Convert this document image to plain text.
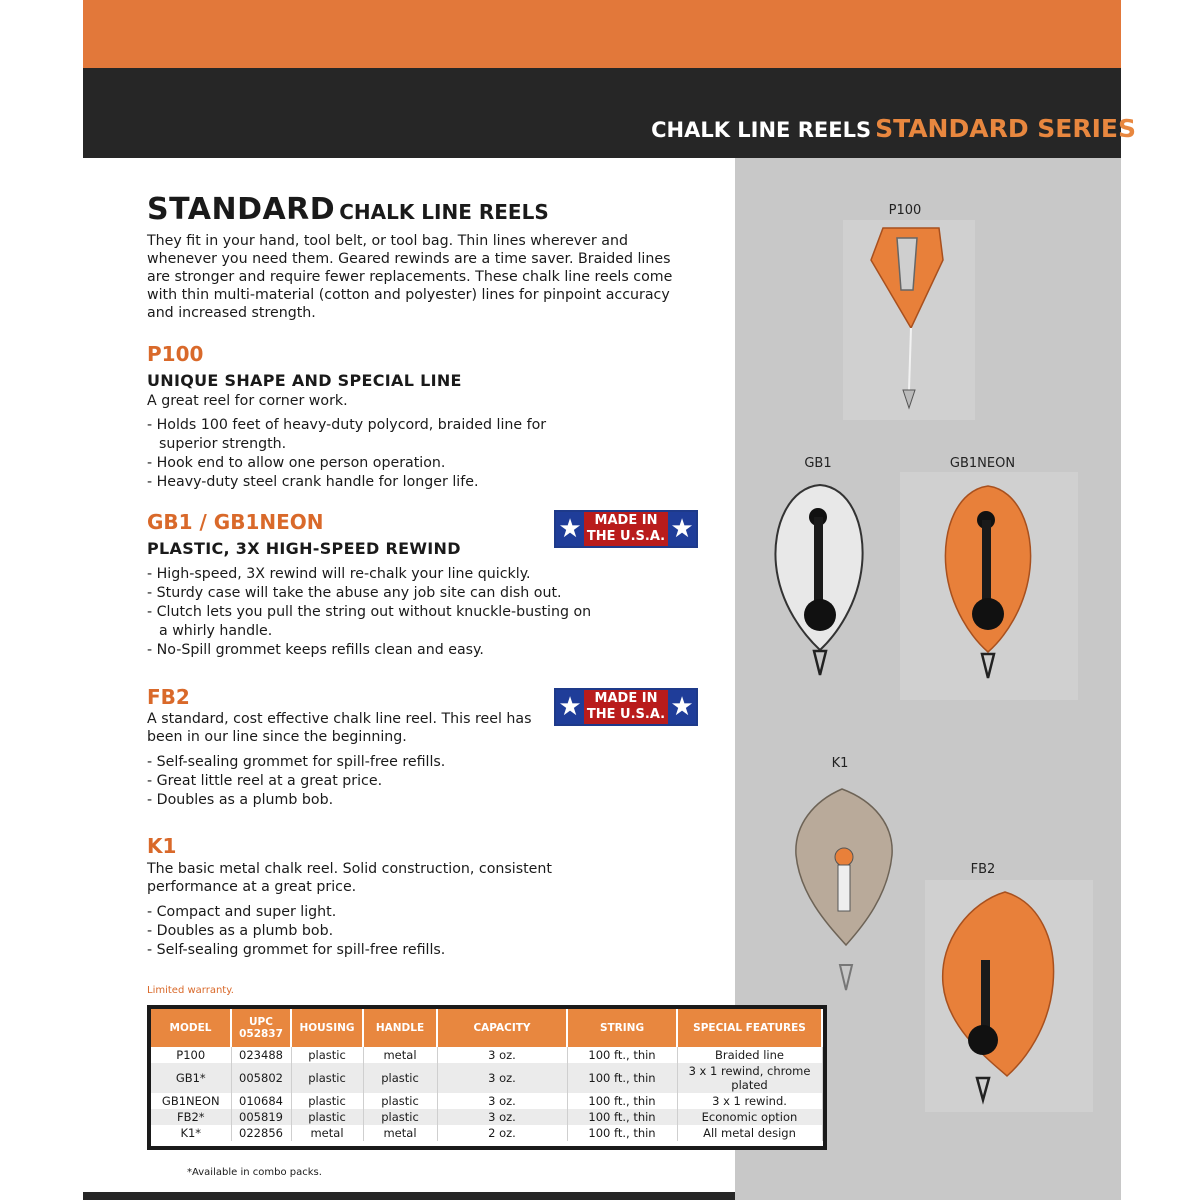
CHALK LINE REELS STANDARD SERIES
STANDARD CHALK LINE REELS

They fit in your hand, tool belt, or tool bag. Thin lines wherever and whenever you need them. Geared rewinds are a time saver. Braided lines are stronger and require fewer replacements. These chalk line reels come with thin multi-material (cotton and polyester) lines for pinpoint accuracy and increased strength.

P100
UNIQUE SHAPE AND SPECIAL LINE
A great reel for corner work.
- Holds 100 feet of heavy-duty polycord, braided line for superior strength.
- Hook end to allow one person operation.
- Heavy-duty steel crank handle for longer life.
GB1 / GB1NEON	★ MADE IN
THE U.S.A. ★
PLASTIC, 3X HIGH-SPEED REWIND
- High-speed, 3X rewind will re-chalk your line quickly.
- Sturdy case will take the abuse any job site can dish out.
- Clutch lets you pull the string out without knuckle-busting on a whirly handle.
- No-Spill grommet keeps refills clean and easy.
FB2	★ MADE IN
THE U.S.A. ★

A standard, cost effective chalk line reel. This reel has been in our line since the beginning.

- Self-sealing grommet for spill-free refills.
- Great little reel at a great price.
- Doubles as a plumb bob.
K1

The basic metal chalk reel. Solid construction, consistent performance at a great price.

- Compact and super light.
- Doubles as a plumb bob.
- Self-sealing grommet for spill-free refills.
Limited warranty.
MODEL	UPC 052837	HOUSING	HANDLE	CAPACITY	STRING	SPECIAL FEATURES
P100	023488	plastic	metal	3 oz.	100 ft., thin	Braided line
GB1*	005802	plastic	plastic	3 oz.	100 ft., thin	3 x 1 rewind, chrome plated
GB1NEON	010684	plastic	plastic	3 oz.	100 ft., thin	3 x 1 rewind.
FB2*	005819	plastic	plastic	3 oz.	100 ft., thin	Economic option
K1*	022856	metal	metal	2 oz.	100 ft., thin	All metal design
*Available in combo packs.
P100
GB1	GB1NEON
K1
FB2
